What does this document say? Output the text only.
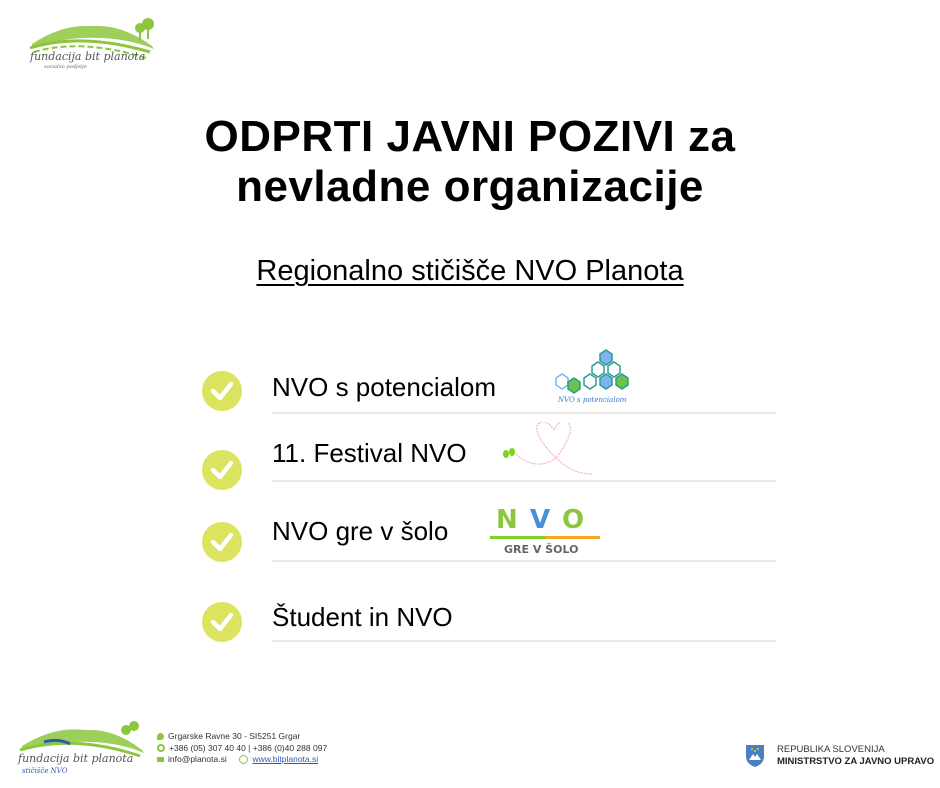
fundacija bit planota
socialno podjetje
ODPRTI JAVNI POZIVI za
nevladne organizacije
Regionalno stičišče NVO Planota
NVO s potencialom	NVO s potencialom
11. Festival NVO
NVO gre v šolo N V O
GRE V ŠOLO
Študent in NVO
fundacija bit planota
stičišče NVO
Grgarske Ravne 30 - SI5251 Grgar
+386 (05) 307 40 40 | +386 (0)40 288 097
info@planota.si
	www.bitplanota.si
REPUBLIKA SLOVENIJA
MINISTRSTVO ZA JAVNO UPRAVO
